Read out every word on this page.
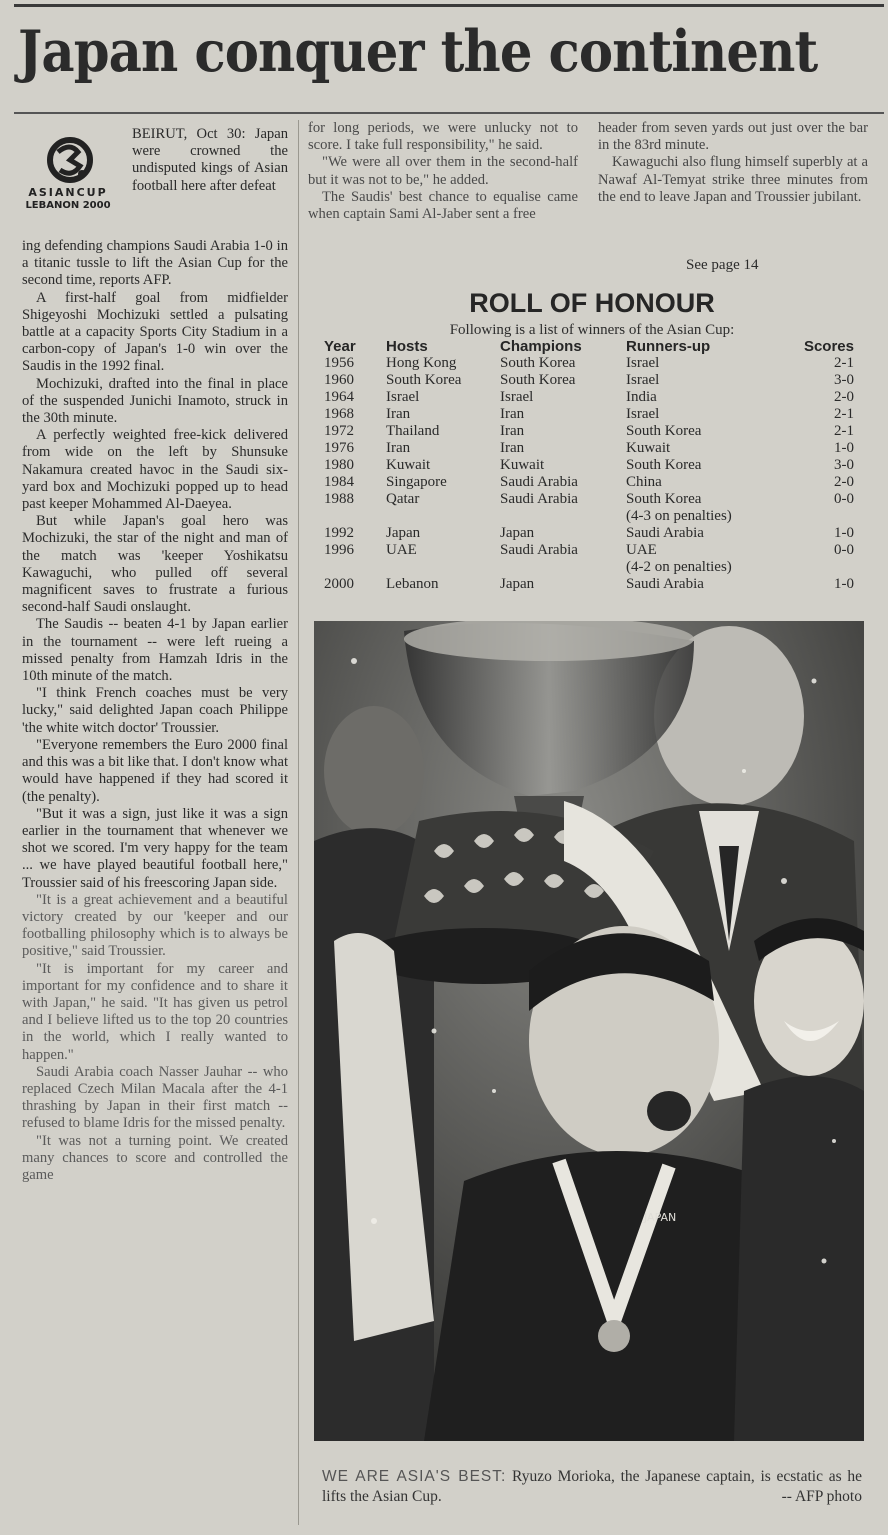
Japan conquer the continent
ASIANCUP
LEBANON 2000
BEIRUT, Oct 30: Japan were crowned the undisputed kings of Asian football here after defeat

ing defending champions Saudi Arabia 1-0 in a titanic tussle to lift the Asian Cup for the second time, reports AFP.

A first-half goal from midfielder Shigeyoshi Mochizuki settled a pulsating battle at a capacity Sports City Stadium in a carbon-copy of Japan's 1-0 win over the Saudis in the 1992 final.

Mochizuki, drafted into the final in place of the suspended Junichi Inamoto, struck in the 30th minute.

A perfectly weighted free-kick delivered from wide on the left by Shunsuke Nakamura created havoc in the Saudi six-yard box and Mochizuki popped up to head past keeper Mohammed Al-Daeyea.

But while Japan's goal hero was Mochizuki, the star of the night and man of the match was 'keeper Yoshikatsu Kawaguchi, who pulled off several magnificent saves to frustrate a furious second-half Saudi onslaught.

The Saudis -- beaten 4-1 by Japan earlier in the tournament -- were left rueing a missed penalty from Hamzah Idris in the 10th minute of the match.

"I think French coaches must be very lucky," said delighted Japan coach Philippe 'the white witch doctor' Troussier.

"Everyone remembers the Euro 2000 final and this was a bit like that. I don't know what would have happened if they had scored it (the penalty).

"But it was a sign, just like it was a sign earlier in the tournament that whenever we shot we scored. I'm very happy for the team ... we have played beautiful football here," Troussier said of his freescoring Japan side.

"It is a great achievement and a beautiful victory created by our 'keeper and our footballing philosophy which is to always be positive," said Troussier.

"It is important for my career and important for my confidence and to share it with Japan," he said. "It has given us petrol and I believe lifted us to the top 20 countries in the world, which I really wanted to happen."

Saudi Arabia coach Nasser Jauhar -- who replaced Czech Milan Macala after the 4-1 thrashing by Japan in their first match -- refused to blame Idris for the missed penalty.

"It was not a turning point. We created many chances to score and controlled the game

for long periods, we were unlucky not to score. I take full responsibility," he said.

"We were all over them in the second-half but it was not to be," he added.

The Saudis' best chance to equalise came when captain Sami Al-Jaber sent a free

header from seven yards out just over the bar in the 83rd minute.

Kawaguchi also flung himself superbly at a Nawaf Al-Temyat strike three minutes from the end to leave Japan and Troussier jubilant.

See page 14
ROLL OF HONOUR
Following is a list of winners of the Asian Cup:
Year Hosts	Champions	Runners-up	Scores
1956 Hong Kong	South Korea	Israel	2-1
1960 South Korea	South Korea	Israel	3-0
1964 Israel	Israel	India	2-0
1968 Iran	Iran	Israel	2-1
1972 Thailand	Iran	South Korea	2-1
1976 Iran	Iran	Kuwait	1-0
1980 Kuwait	Kuwait	South Korea	3-0
1984 Singapore	Saudi Arabia	China	2-0
1988 Qatar	Saudi Arabia	South Korea	0-0
(4-3 on penalties)
1992 Japan	Japan	Saudi Arabia	1-0
1996 UAE	Saudi Arabia	UAE	0-0
(4-2 on penalties)
2000 Lebanon	Japan	Saudi Arabia	1-0
JAPAN
WE ARE ASIA'S BEST: Ryuzo Morioka, the Japanese captain, is ecstatic as he lifts the Asian Cup.	-- AFP photo
